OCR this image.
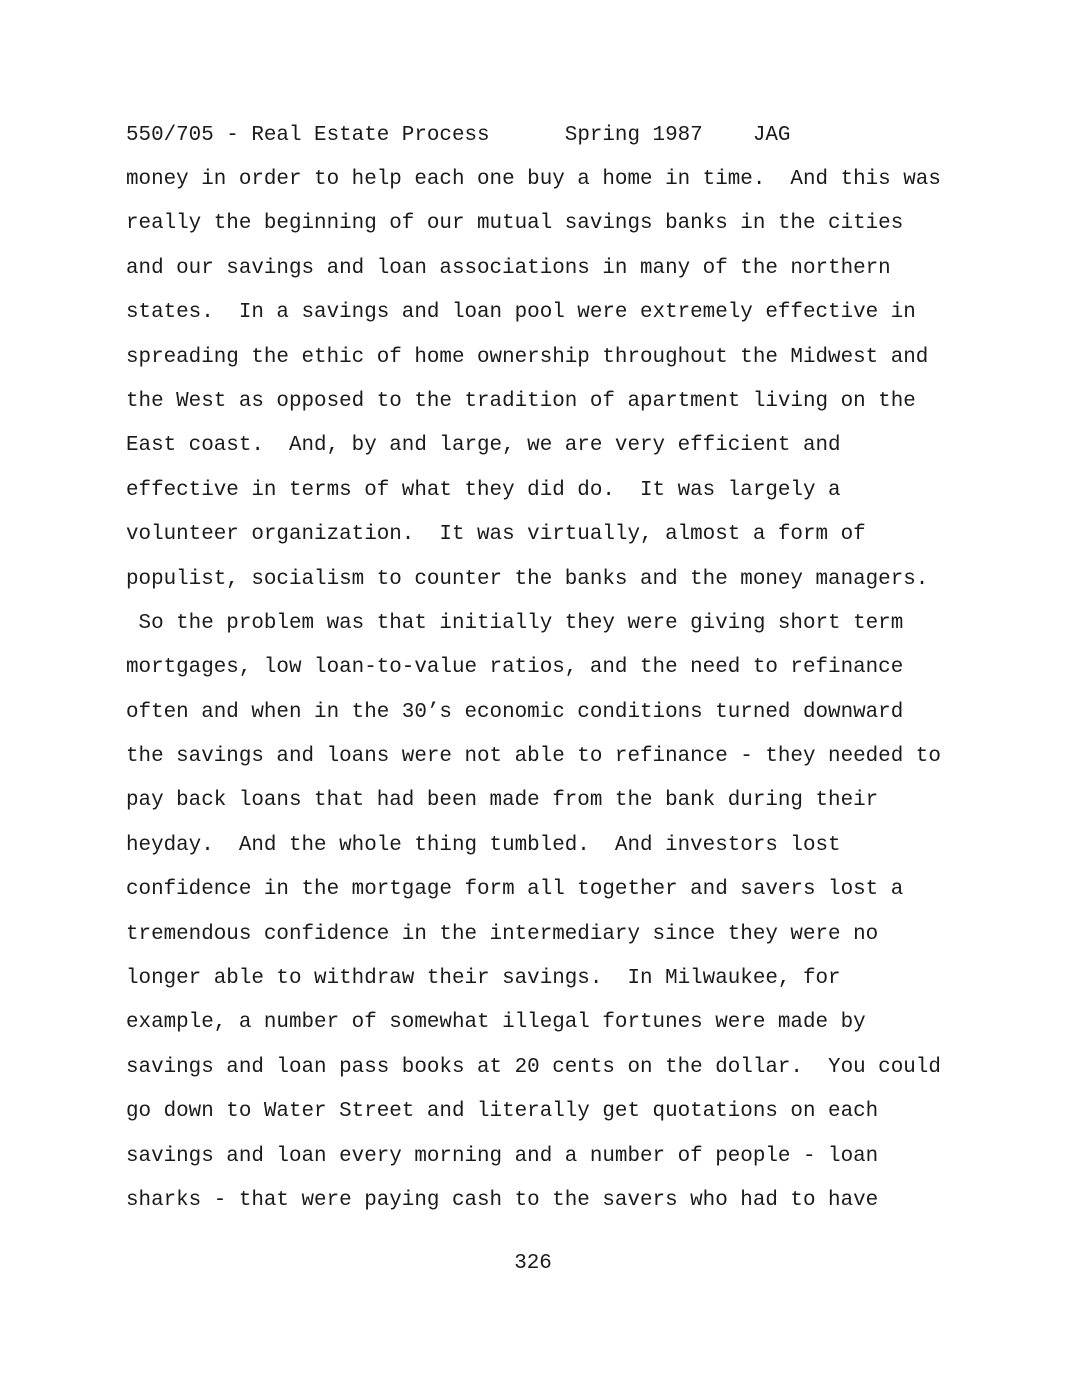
550/705 - Real Estate Process	Spring 1987 JAG
money in order to help each one buy a home in time.  And this was
really the beginning of our mutual savings banks in the cities
and our savings and loan associations in many of the northern
states.  In a savings and loan pool were extremely effective in
spreading the ethic of home ownership throughout the Midwest and
the West as opposed to the tradition of apartment living on the
East coast.  And, by and large, we are very efficient and
effective in terms of what they did do.  It was largely a
volunteer organization.  It was virtually, almost a form of
populist, socialism to counter the banks and the money managers.
So the problem was that initially they were giving short term
mortgages, low loan-to-value ratios, and the need to refinance
often and when in the 30’s economic conditions turned downward
the savings and loans were not able to refinance - they needed to
pay back loans that had been made from the bank during their
heyday.  And the whole thing tumbled.  And investors lost
confidence in the mortgage form all together and savers lost a
tremendous confidence in the intermediary since they were no
longer able to withdraw their savings.  In Milwaukee, for
example, a number of somewhat illegal fortunes were made by
savings and loan pass books at 20 cents on the dollar.  You could
go down to Water Street and literally get quotations on each
savings and loan every morning and a number of people - loan
sharks - that were paying cash to the savers who had to have
326
